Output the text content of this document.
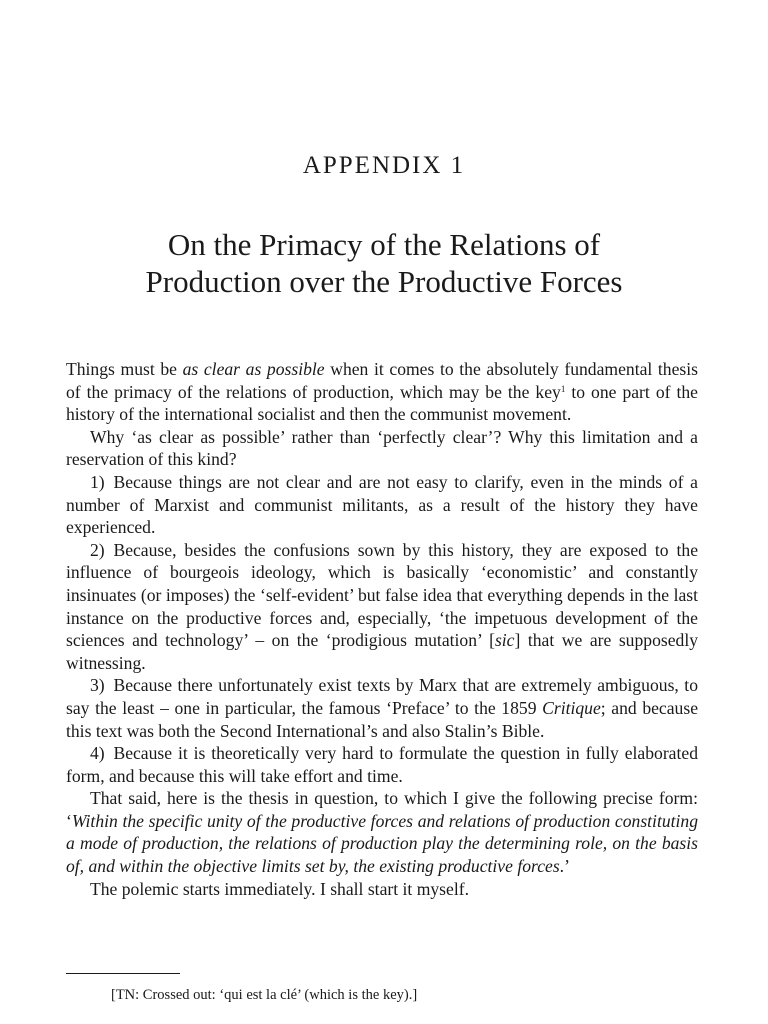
APPENDIX 1
On the Primacy of the Relations of
Production over the Productive Forces

Things must be as clear as possible when it comes to the absolutely fundamental thesis of the primacy of the relations of production, which may be the key$^1$ to one part of the history of the international socialist and then the communist movement.

Why ‘as clear as possible’ rather than ‘perfectly clear’? Why this limitation and a reservation of this kind?

1) Because things are not clear and are not easy to clarify, even in the minds of a number of Marxist and communist militants, as a result of the history they have experienced.

2) Because, besides the confusions sown by this history, they are exposed to the influence of bourgeois ideology, which is basically ‘economistic’ and constantly insinuates (or imposes) the ‘self-evident’ but false idea that everything depends in the last instance on the productive forces and, especially, ‘the impetuous development of the sciences and technology’ – on the ‘prodigious mutation’ [sic] that we are supposedly witnessing.

3) Because there unfortunately exist texts by Marx that are extremely ambiguous, to say the least – one in particular, the famous ‘Preface’ to the 1859 Critique; and because this text was both the Second International’s and also Stalin’s Bible.

4) Because it is theoretically very hard to formulate the question in fully elaborated form, and because this will take effort and time.

That said, here is the thesis in question, to which I give the following precise form: ‘Within the specific unity of the productive forces and relations of production constituting a mode of production, the relations of production play the determining role, on the basis of, and within the objective limits set by, the existing productive forces.’

The polemic starts immediately. I shall start it myself.

[TN: Crossed out: ‘qui est la clé’ (which is the key).]
